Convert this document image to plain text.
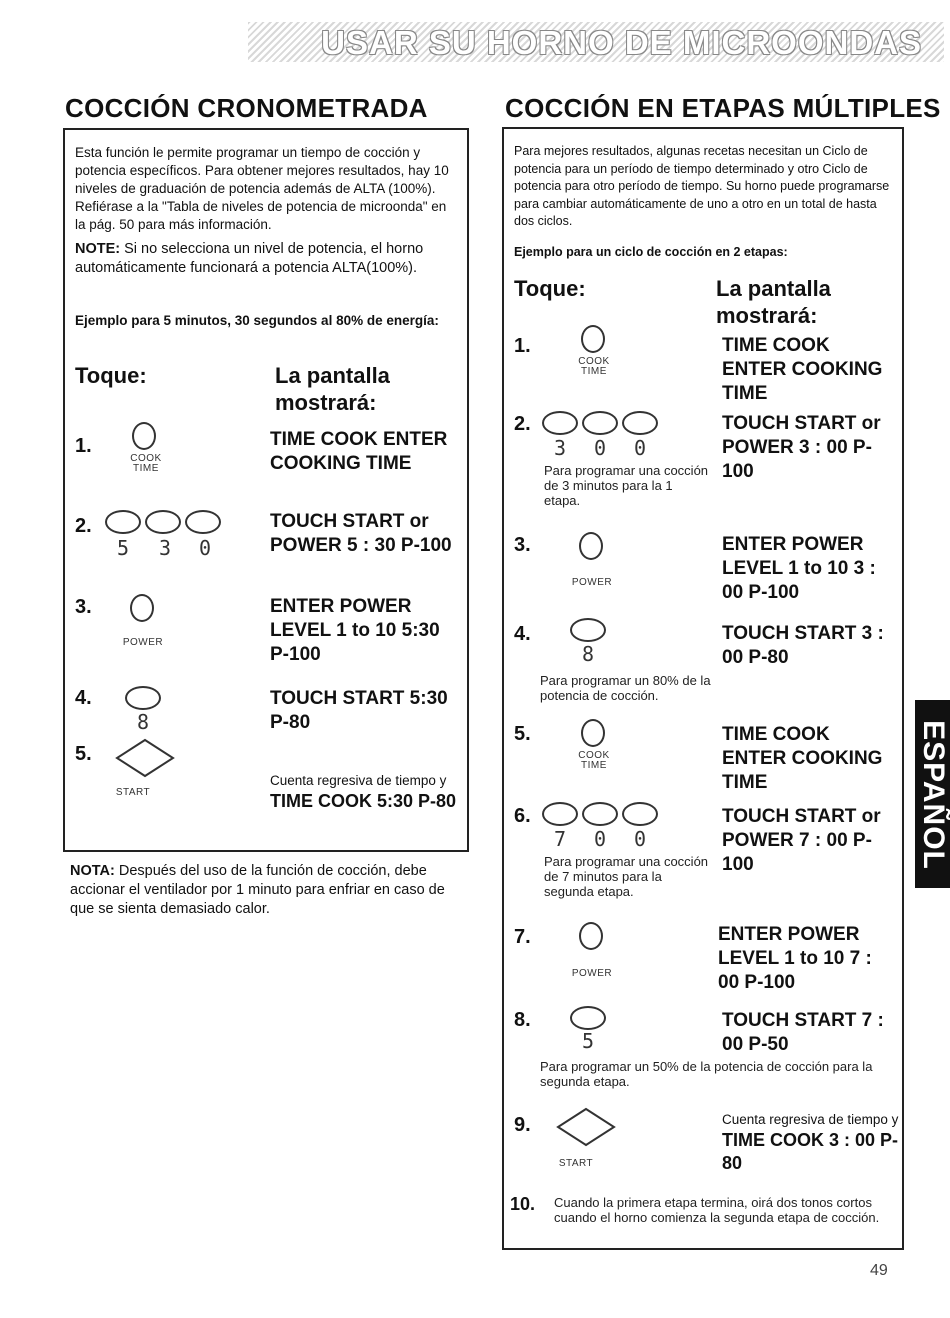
USAR SU HORNO DE MICROONDAS
COCCIÓN CRONOMETRADA
Esta función le permite programar un tiempo de cocción y potencia específicos. Para obtener mejores resultados, hay 10 niveles de graduación de potencia además de ALTA (100%). Refiérase a la "Tabla de niveles de potencia de microonda" en la pág. 50 para más información.
NOTE: Si no selecciona un nivel de potencia, el horno automáticamente funcionará a potencia ALTA(100%).
Ejemplo para 5 minutos, 30 segundos al 80% de energía:
Toque:	La pantalla mostrará:
1.
COOK TIME
TIME COOK ENTER COOKING TIME
2.
5 3 0
TOUCH START or POWER 5 : 30 P-100
3.
POWER
ENTER POWER LEVEL 1 to 10 5:30 P-100
4.
8
TOUCH START 5:30 P-80
5.
START
Cuenta regresiva de tiempo y TIME COOK 5:30 P-80
NOTA: Después del uso de la función de cocción, debe accionar el ventilador por 1 minuto para enfriar en caso de que se sienta demasiado calor.
COCCIÓN EN ETAPAS MÚLTIPLES
Para mejores resultados, algunas recetas necesitan un Ciclo de potencia para un período de tiempo determinado y otro Ciclo de potencia para otro período de tiempo. Su horno puede programarse para cambiar automáticamente de uno a otro en un total de hasta dos ciclos.
Ejemplo para un ciclo de cocción en 2 etapas:
Toque:	La pantalla mostrará:
1.
COOK TIME
TIME COOK ENTER COOKING TIME
2.
3 0 0
Para programar una cocción de 3 minutos para la 1 etapa.
TOUCH START or POWER 3 : 00 P-100
3.
POWER
ENTER POWER LEVEL 1 to 10 3 : 00 P-100
4.
8
Para programar un 80% de la potencia de cocción.
TOUCH START 3 : 00 P-80
5.
COOK TIME
TIME COOK ENTER COOKING TIME
6.
7 0 0
Para programar una cocción de 7 minutos para la segunda etapa.
TOUCH START or POWER 7 : 00 P-100
7.
POWER
ENTER POWER LEVEL 1 to 10 7 : 00 P-100
8.
5
Para programar un 50% de la potencia de cocción para la segunda etapa.
TOUCH START 7 : 00 P-50
9.
START
Cuenta regresiva de tiempo y TIME COOK 3 : 00 P-80
10. Cuando la primera etapa termina, oirá dos tonos cortos cuando el horno comienza la segunda etapa de cocción.
ESPAÑOL
49
